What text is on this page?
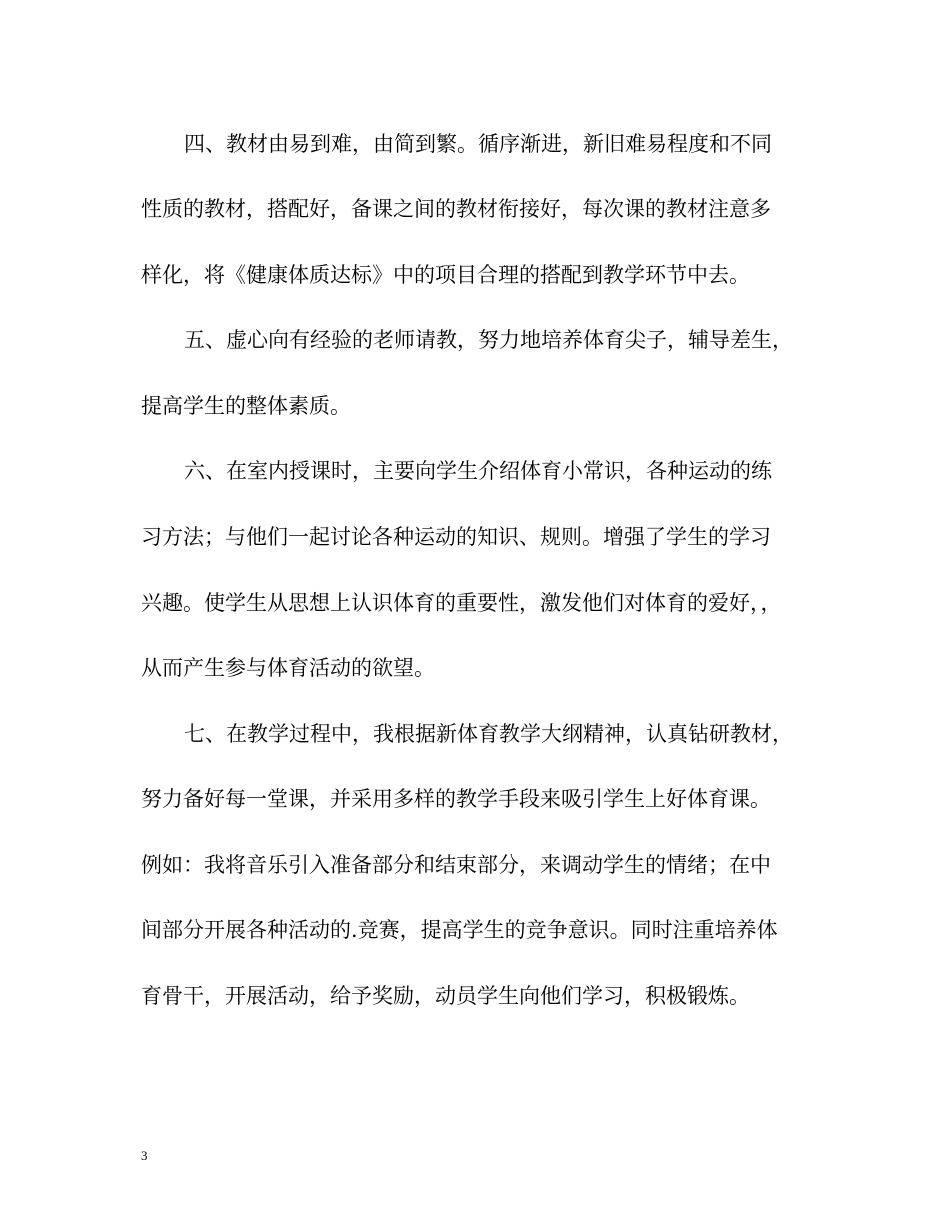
四、教材由易到难，由简到繁。循序渐进，新旧难易程度和不同
性质的教材，搭配好，备课之间的教材衔接好，每次课的教材注意多
样化，将《健康体质达标》中的项目合理的搭配到教学环节中去。
五、虚心向有经验的老师请教，努力地培养体育尖子，辅导差生，
提高学生的整体素质。
六、在室内授课时，主要向学生介绍体育小常识，各种运动的练
习方法；与他们一起讨论各种运动的知识、规则。增强了学生的学习
兴趣。使学生从思想上认识体育的重要性，激发他们对体育的爱好，，
从而产生参与体育活动的欲望。
七、在教学过程中，我根据新体育教学大纲精神，认真钻研教材，
努力备好每一堂课，并采用多样的教学手段来吸引学生上好体育课。
例如：我将音乐引入准备部分和结束部分，来调动学生的情绪；在中
间部分开展各种活动的.竞赛，提高学生的竞争意识。同时注重培养体
育骨干，开展活动，给予奖励，动员学生向他们学习，积极锻炼。
3
